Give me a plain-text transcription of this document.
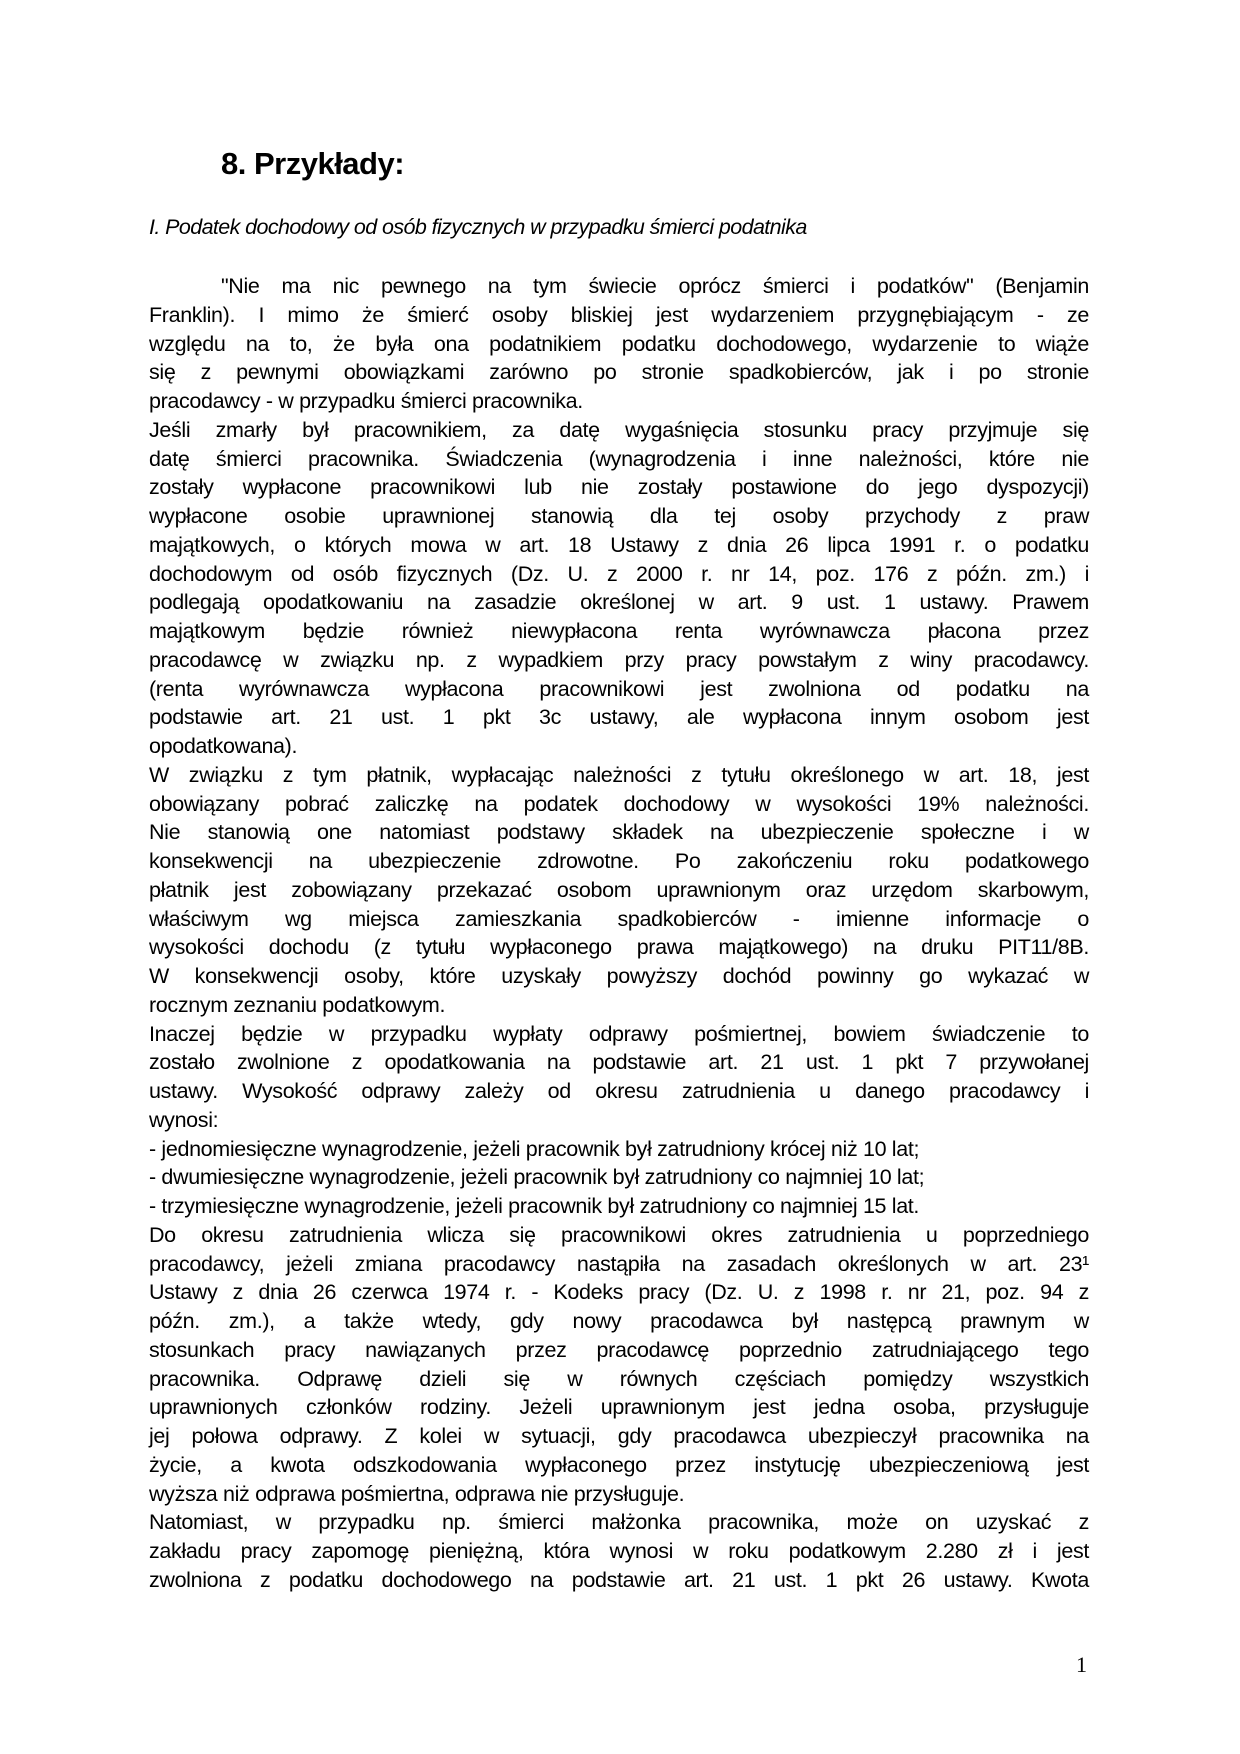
8. Przykłady:
I. Podatek dochodowy od osób fizycznych w przypadku śmierci podatnika
"Nie ma nic pewnego na tym świecie oprócz śmierci i podatków" (Benjamin
Franklin). I mimo że śmierć osoby bliskiej jest wydarzeniem przygnębiającym - ze
względu na to, że była ona podatnikiem podatku dochodowego, wydarzenie to wiąże
się z pewnymi obowiązkami zarówno po stronie spadkobierców, jak i po stronie
pracodawcy - w przypadku śmierci pracownika.
Jeśli zmarły był pracownikiem, za datę wygaśnięcia stosunku pracy przyjmuje się
datę śmierci pracownika. Świadczenia (wynagrodzenia i inne należności, które nie
zostały wypłacone pracownikowi lub nie zostały postawione do jego dyspozycji)
wypłacone osobie uprawnionej stanowią dla tej osoby przychody z praw
majątkowych, o których mowa w art. 18 Ustawy z dnia 26 lipca 1991 r. o podatku
dochodowym od osób fizycznych (Dz. U. z 2000 r. nr 14, poz. 176 z późn. zm.) i
podlegają opodatkowaniu na zasadzie określonej w art. 9 ust. 1 ustawy. Prawem
majątkowym będzie również niewypłacona renta wyrównawcza płacona przez
pracodawcę w związku np. z wypadkiem przy pracy powstałym z winy pracodawcy.
(renta wyrównawcza wypłacona pracownikowi jest zwolniona od podatku na
podstawie art. 21 ust. 1 pkt 3c ustawy, ale wypłacona innym osobom jest
opodatkowana).
W związku z tym płatnik, wypłacając należności z tytułu określonego w art. 18, jest
obowiązany pobrać zaliczkę na podatek dochodowy w wysokości 19% należności.
Nie stanowią one natomiast podstawy składek na ubezpieczenie społeczne i w
konsekwencji na ubezpieczenie zdrowotne. Po zakończeniu roku podatkowego
płatnik jest zobowiązany przekazać osobom uprawnionym oraz urzędom skarbowym,
właściwym wg miejsca zamieszkania spadkobierców - imienne informacje o
wysokości dochodu (z tytułu wypłaconego prawa majątkowego) na druku PIT11/8B.
W konsekwencji osoby, które uzyskały powyższy dochód powinny go wykazać w
rocznym zeznaniu podatkowym.
Inaczej będzie w przypadku wypłaty odprawy pośmiertnej, bowiem świadczenie to
zostało zwolnione z opodatkowania na podstawie art. 21 ust. 1 pkt 7 przywołanej
ustawy. Wysokość odprawy zależy od okresu zatrudnienia u danego pracodawcy i
wynosi:
- jednomiesięczne wynagrodzenie, jeżeli pracownik był zatrudniony krócej niż 10 lat;
- dwumiesięczne wynagrodzenie, jeżeli pracownik był zatrudniony co najmniej 10 lat;
- trzymiesięczne wynagrodzenie, jeżeli pracownik był zatrudniony co najmniej 15 lat.
Do okresu zatrudnienia wlicza się pracownikowi okres zatrudnienia u poprzedniego
pracodawcy, jeżeli zmiana pracodawcy nastąpiła na zasadach określonych w art. 23¹
Ustawy z dnia 26 czerwca 1974 r. - Kodeks pracy (Dz. U. z 1998 r. nr 21, poz. 94 z
późn. zm.), a także wtedy, gdy nowy pracodawca był następcą prawnym w
stosunkach pracy nawiązanych przez pracodawcę poprzednio zatrudniającego tego
pracownika. Odprawę dzieli się w równych częściach pomiędzy wszystkich
uprawnionych członków rodziny. Jeżeli uprawnionym jest jedna osoba, przysługuje
jej połowa odprawy. Z kolei w sytuacji, gdy pracodawca ubezpieczył pracownika na
życie, a kwota odszkodowania wypłaconego przez instytucję ubezpieczeniową jest
wyższa niż odprawa pośmiertna, odprawa nie przysługuje.
Natomiast, w przypadku np. śmierci małżonka pracownika, może on uzyskać z
zakładu pracy zapomogę pieniężną, która wynosi w roku podatkowym 2.280 zł i jest
zwolniona z podatku dochodowego na podstawie art. 21 ust. 1 pkt 26 ustawy. Kwota
1
